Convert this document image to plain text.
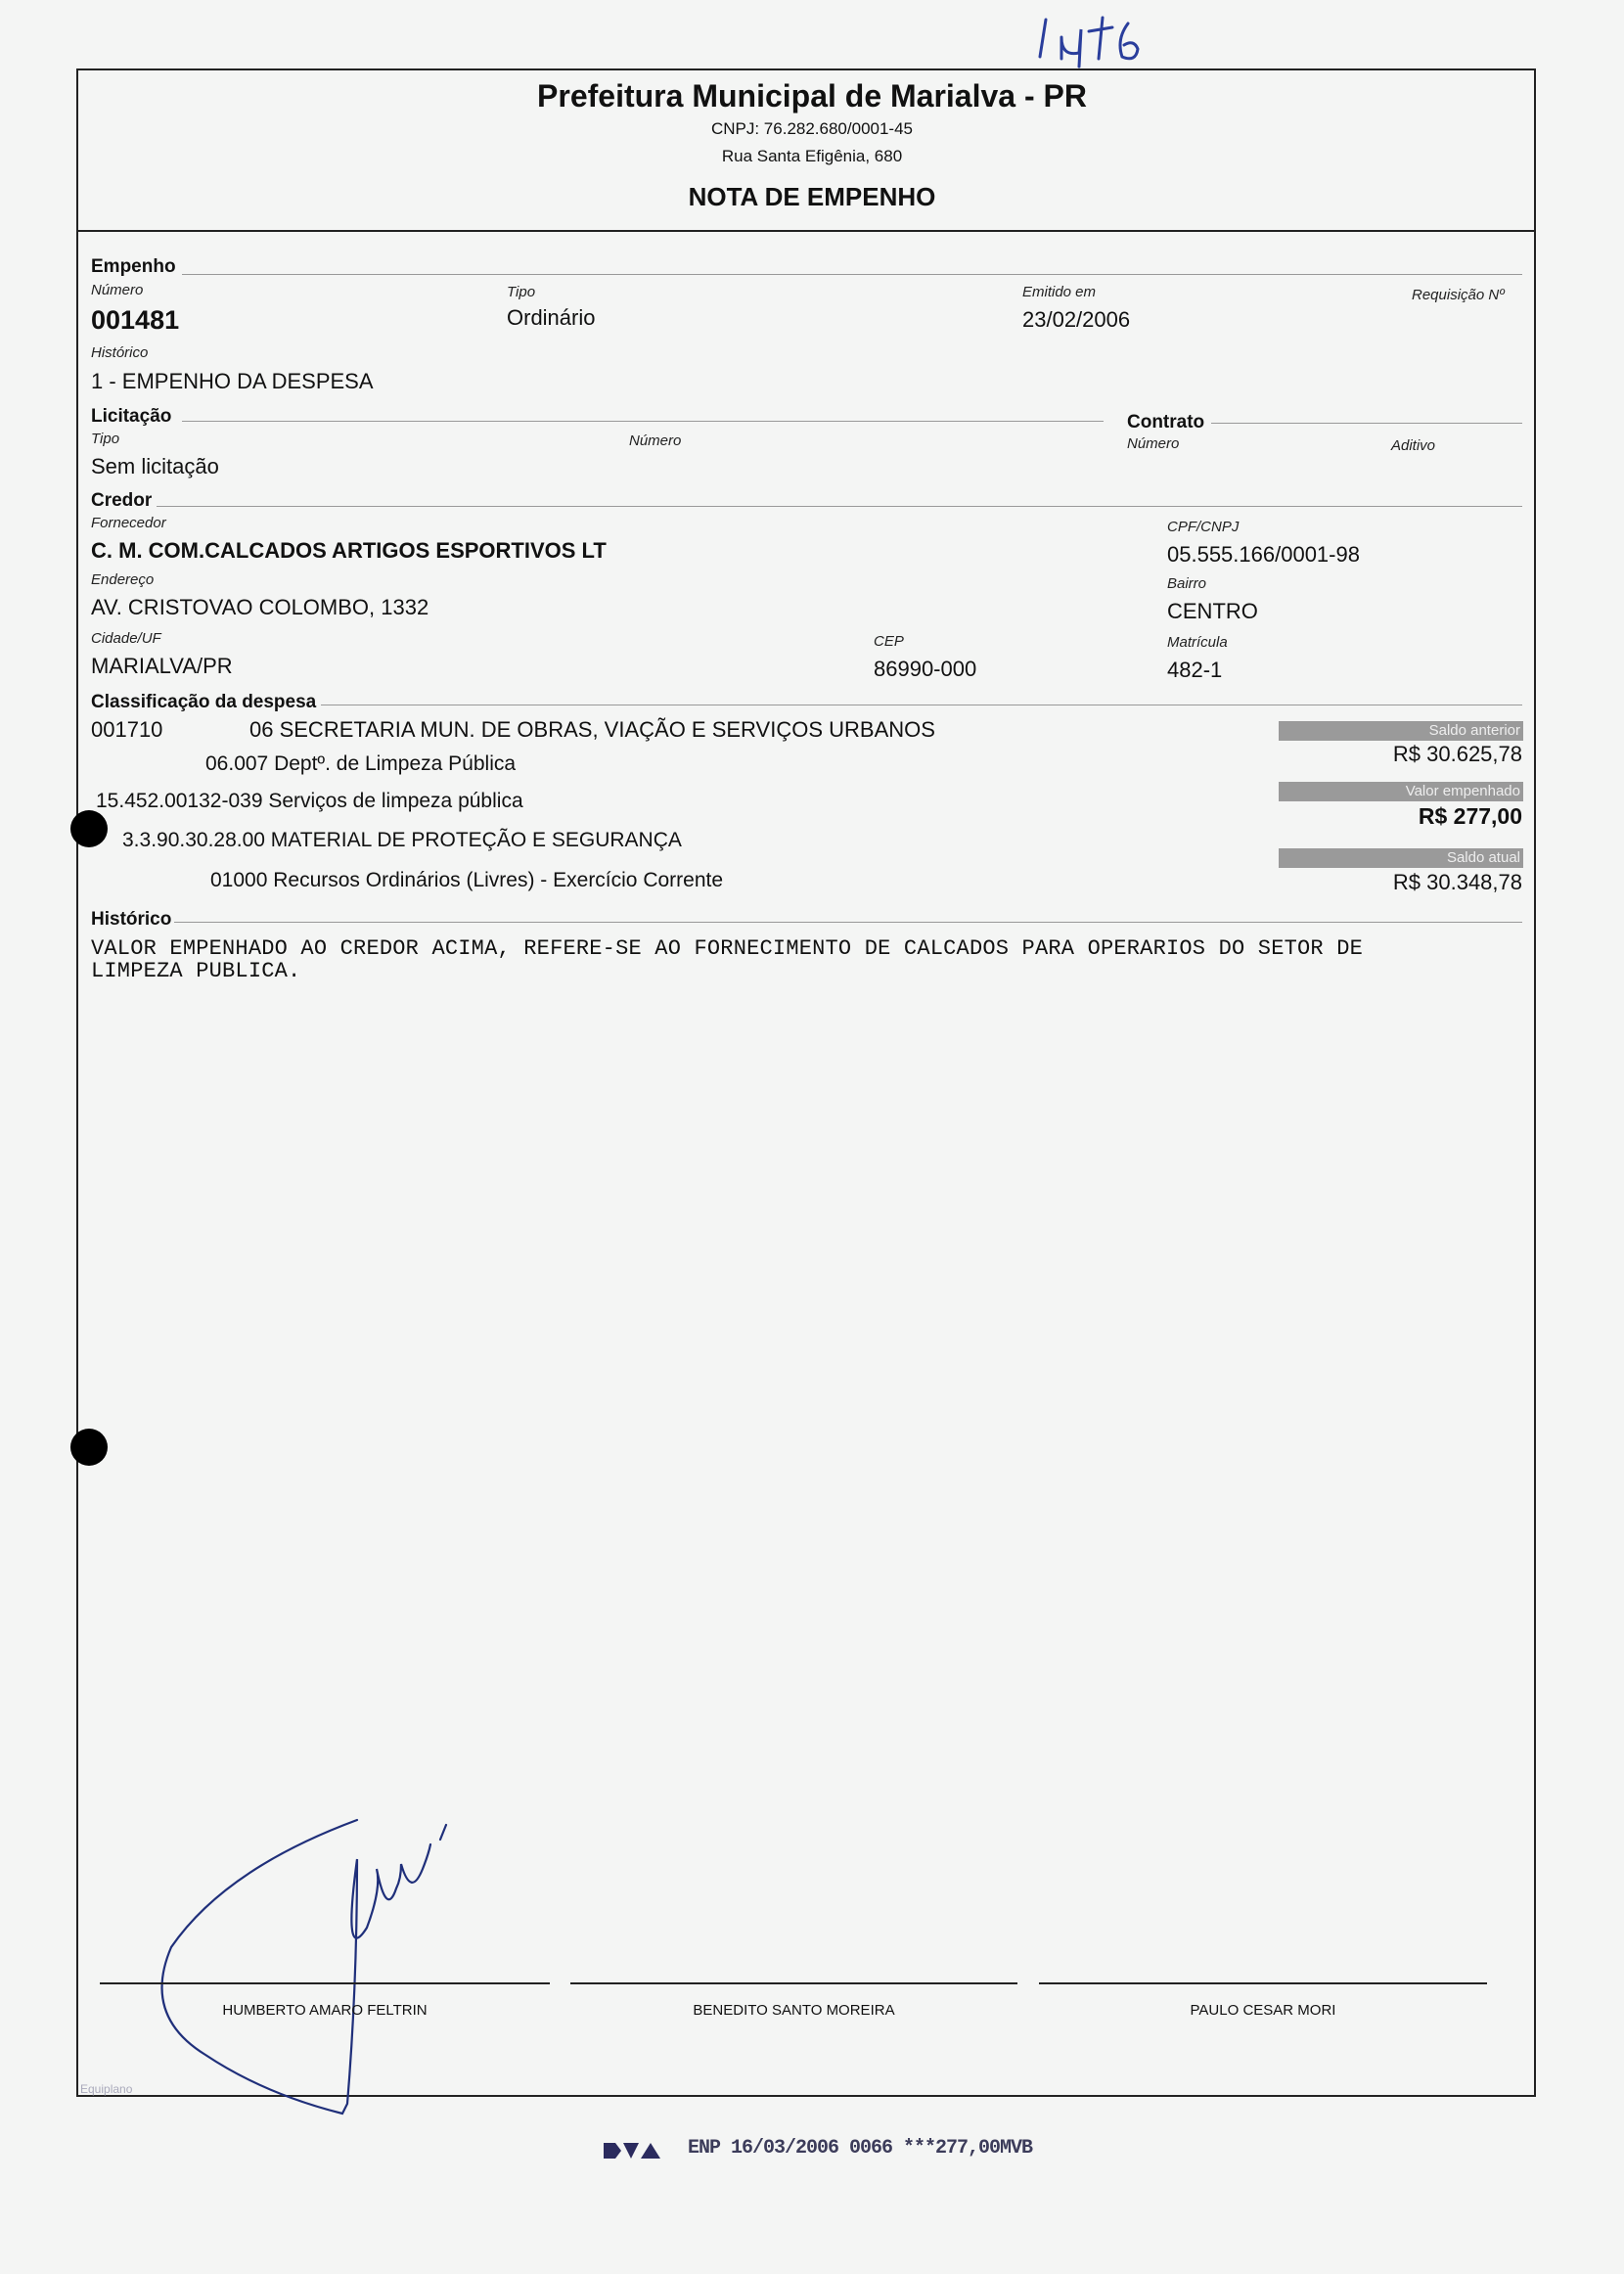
Prefeitura Municipal de Marialva - PR
CNPJ: 76.282.680/0001-45
Rua Santa Efigênia, 680
NOTA DE EMPENHO
Empenho
Número
001481
Tipo
Ordinário
Emitido em
23/02/2006
Requisição Nº
Histórico
1 - EMPENHO DA DESPESA
Licitação
Tipo
Sem licitação
Número
Contrato
Número	Aditivo
Credor
Fornecedor
C. M. COM.CALCADOS ARTIGOS ESPORTIVOS LT
CPF/CNPJ
05.555.166/0001-98
Endereço
AV. CRISTOVAO COLOMBO, 1332
Bairro
CENTRO
Cidade/UF
MARIALVA/PR
CEP
86990-000
Matrícula
482-1
Classificação da despesa
001710	06 SECRETARIA MUN. DE OBRAS, VIAÇÃO E SERVIÇOS URBANOS
06.007 Deptº. de Limpeza Pública
15.452.00132-039 Serviços de limpeza pública
3.3.90.30.28.00 MATERIAL DE PROTEÇÃO E SEGURANÇA
01000 Recursos Ordinários (Livres) - Exercício Corrente
Saldo anterior
R$ 30.625,78
Valor empenhado
R$ 277,00
Saldo atual
R$ 30.348,78
Histórico
VALOR EMPENHADO AO CREDOR ACIMA, REFERE-SE AO FORNECIMENTO DE CALCADOS PARA OPERARIOS DO SETOR DE
LIMPEZA PUBLICA.
HUMBERTO AMARO FELTRIN	BENEDITO SANTO MOREIRA	PAULO CESAR MORI
Equiplano
ENP 16/03/2006 0066 ***277,00MVB
